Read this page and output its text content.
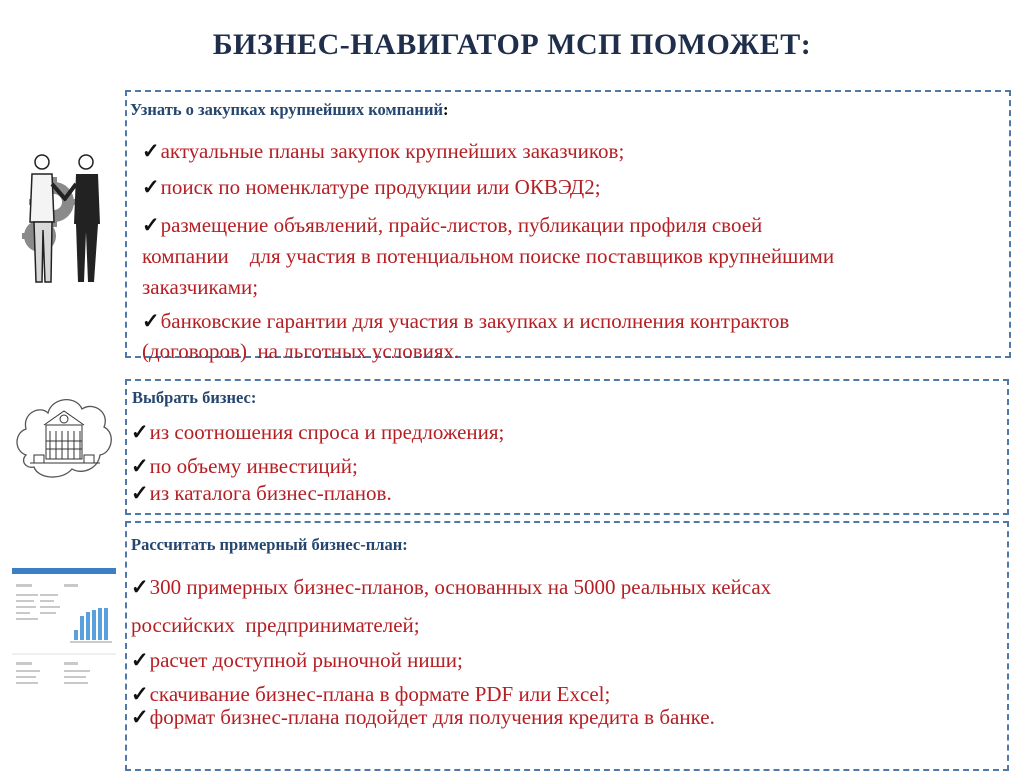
БИЗНЕС-НАВИГАТОР МСП ПОМОЖЕТ:
Узнать о закупках крупнейших компаний:
✓актуальные планы закупок крупнейших заказчиков;
✓поиск по номенклатуре продукции или ОКВЭД2;
✓размещение объявлений, прайс-листов, публикации профиля своей
компании    для участия в потенциальном поиске поставщиков крупнейшими
заказчиками;
✓банковские гарантии для участия в закупках и исполнения контрактов
(договоров)  на льготных условиях.
Выбрать бизнес:
✓из соотношения спроса и предложения;
✓по объему инвестиций;
✓из каталога бизнес-планов.
Рассчитать примерный бизнес-план:
✓300 примерных бизнес-планов, основанных на 5000 реальных кейсах
российских  предпринимателей;
✓расчет доступной рыночной ниши;
✓скачивание бизнес-плана в формате PDF или Excel;
✓формат бизнес-плана подойдет для получения кредита в банке.
